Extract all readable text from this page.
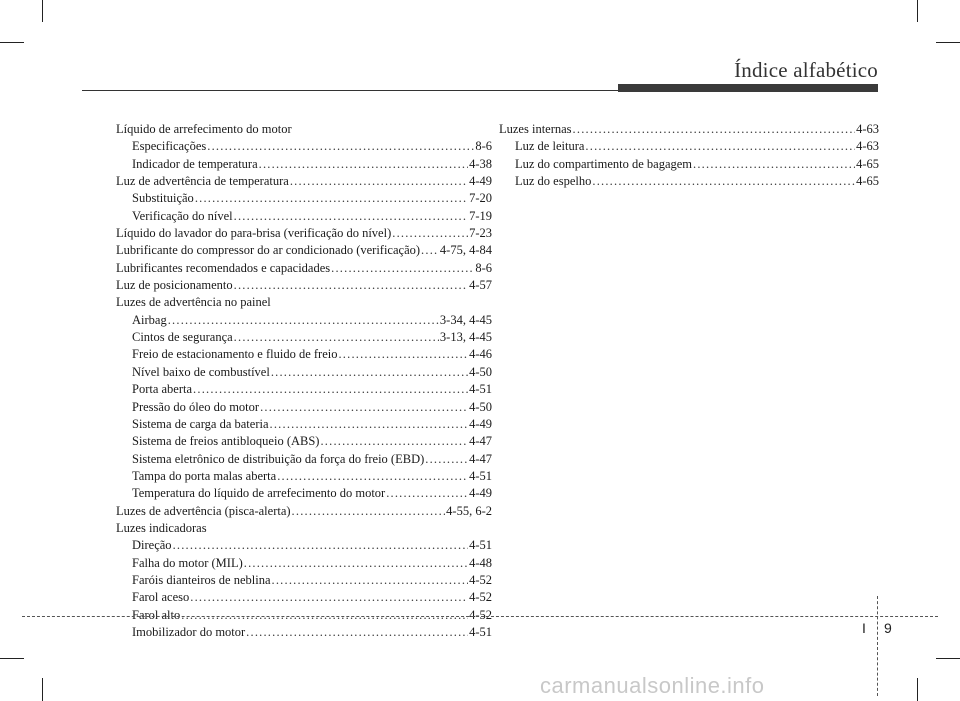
Índice alfabético
Líquido de arrefecimento do motor
Especificações .....	8-6
Indicador de temperatura .....	4-38
Luz de advertência de temperatura .....	4-49
Substituição .....	7-20
Verificação do nível .....	7-19
Líquido do lavador do para-brisa (verificação do nível) .....	7-23
Lubrificante do compressor do ar condicionado (verificação) ..... 4-75, 4-84
Lubrificantes recomendados e capacidades .....	8-6
Luz de posicionamento .....	4-57
Luzes de advertência no painel
Airbag .....	3-34, 4-45
Cintos de segurança .....	3-13, 4-45
Freio de estacionamento e fluido de freio .....	4-46
Nível baixo de combustível .....	4-50
Porta aberta .....	4-51
Pressão do óleo do motor .....	4-50
Sistema de carga da bateria .....	4-49
Sistema de freios antibloqueio (ABS) .....	4-47
Sistema eletrônico de distribuição da força do freio (EBD) .....	4-47
Tampa do porta malas aberta .....	4-51
Temperatura do líquido de arrefecimento do motor .....	4-49
Luzes de advertência (pisca-alerta) .....	4-55, 6-2
Luzes indicadoras
Direção .....	4-51
Falha do motor (MIL) .....	4-48
Faróis dianteiros de neblina .....	4-52
Farol aceso .....	4-52
Farol alto .....	4-52
Imobilizador do motor .....	4-51
Luzes internas .....	4-63
Luz de leitura .....	4-63
Luz do compartimento de bagagem .....	4-65
Luz do espelho .....	4-65
I 9
carmanualsonline.info
